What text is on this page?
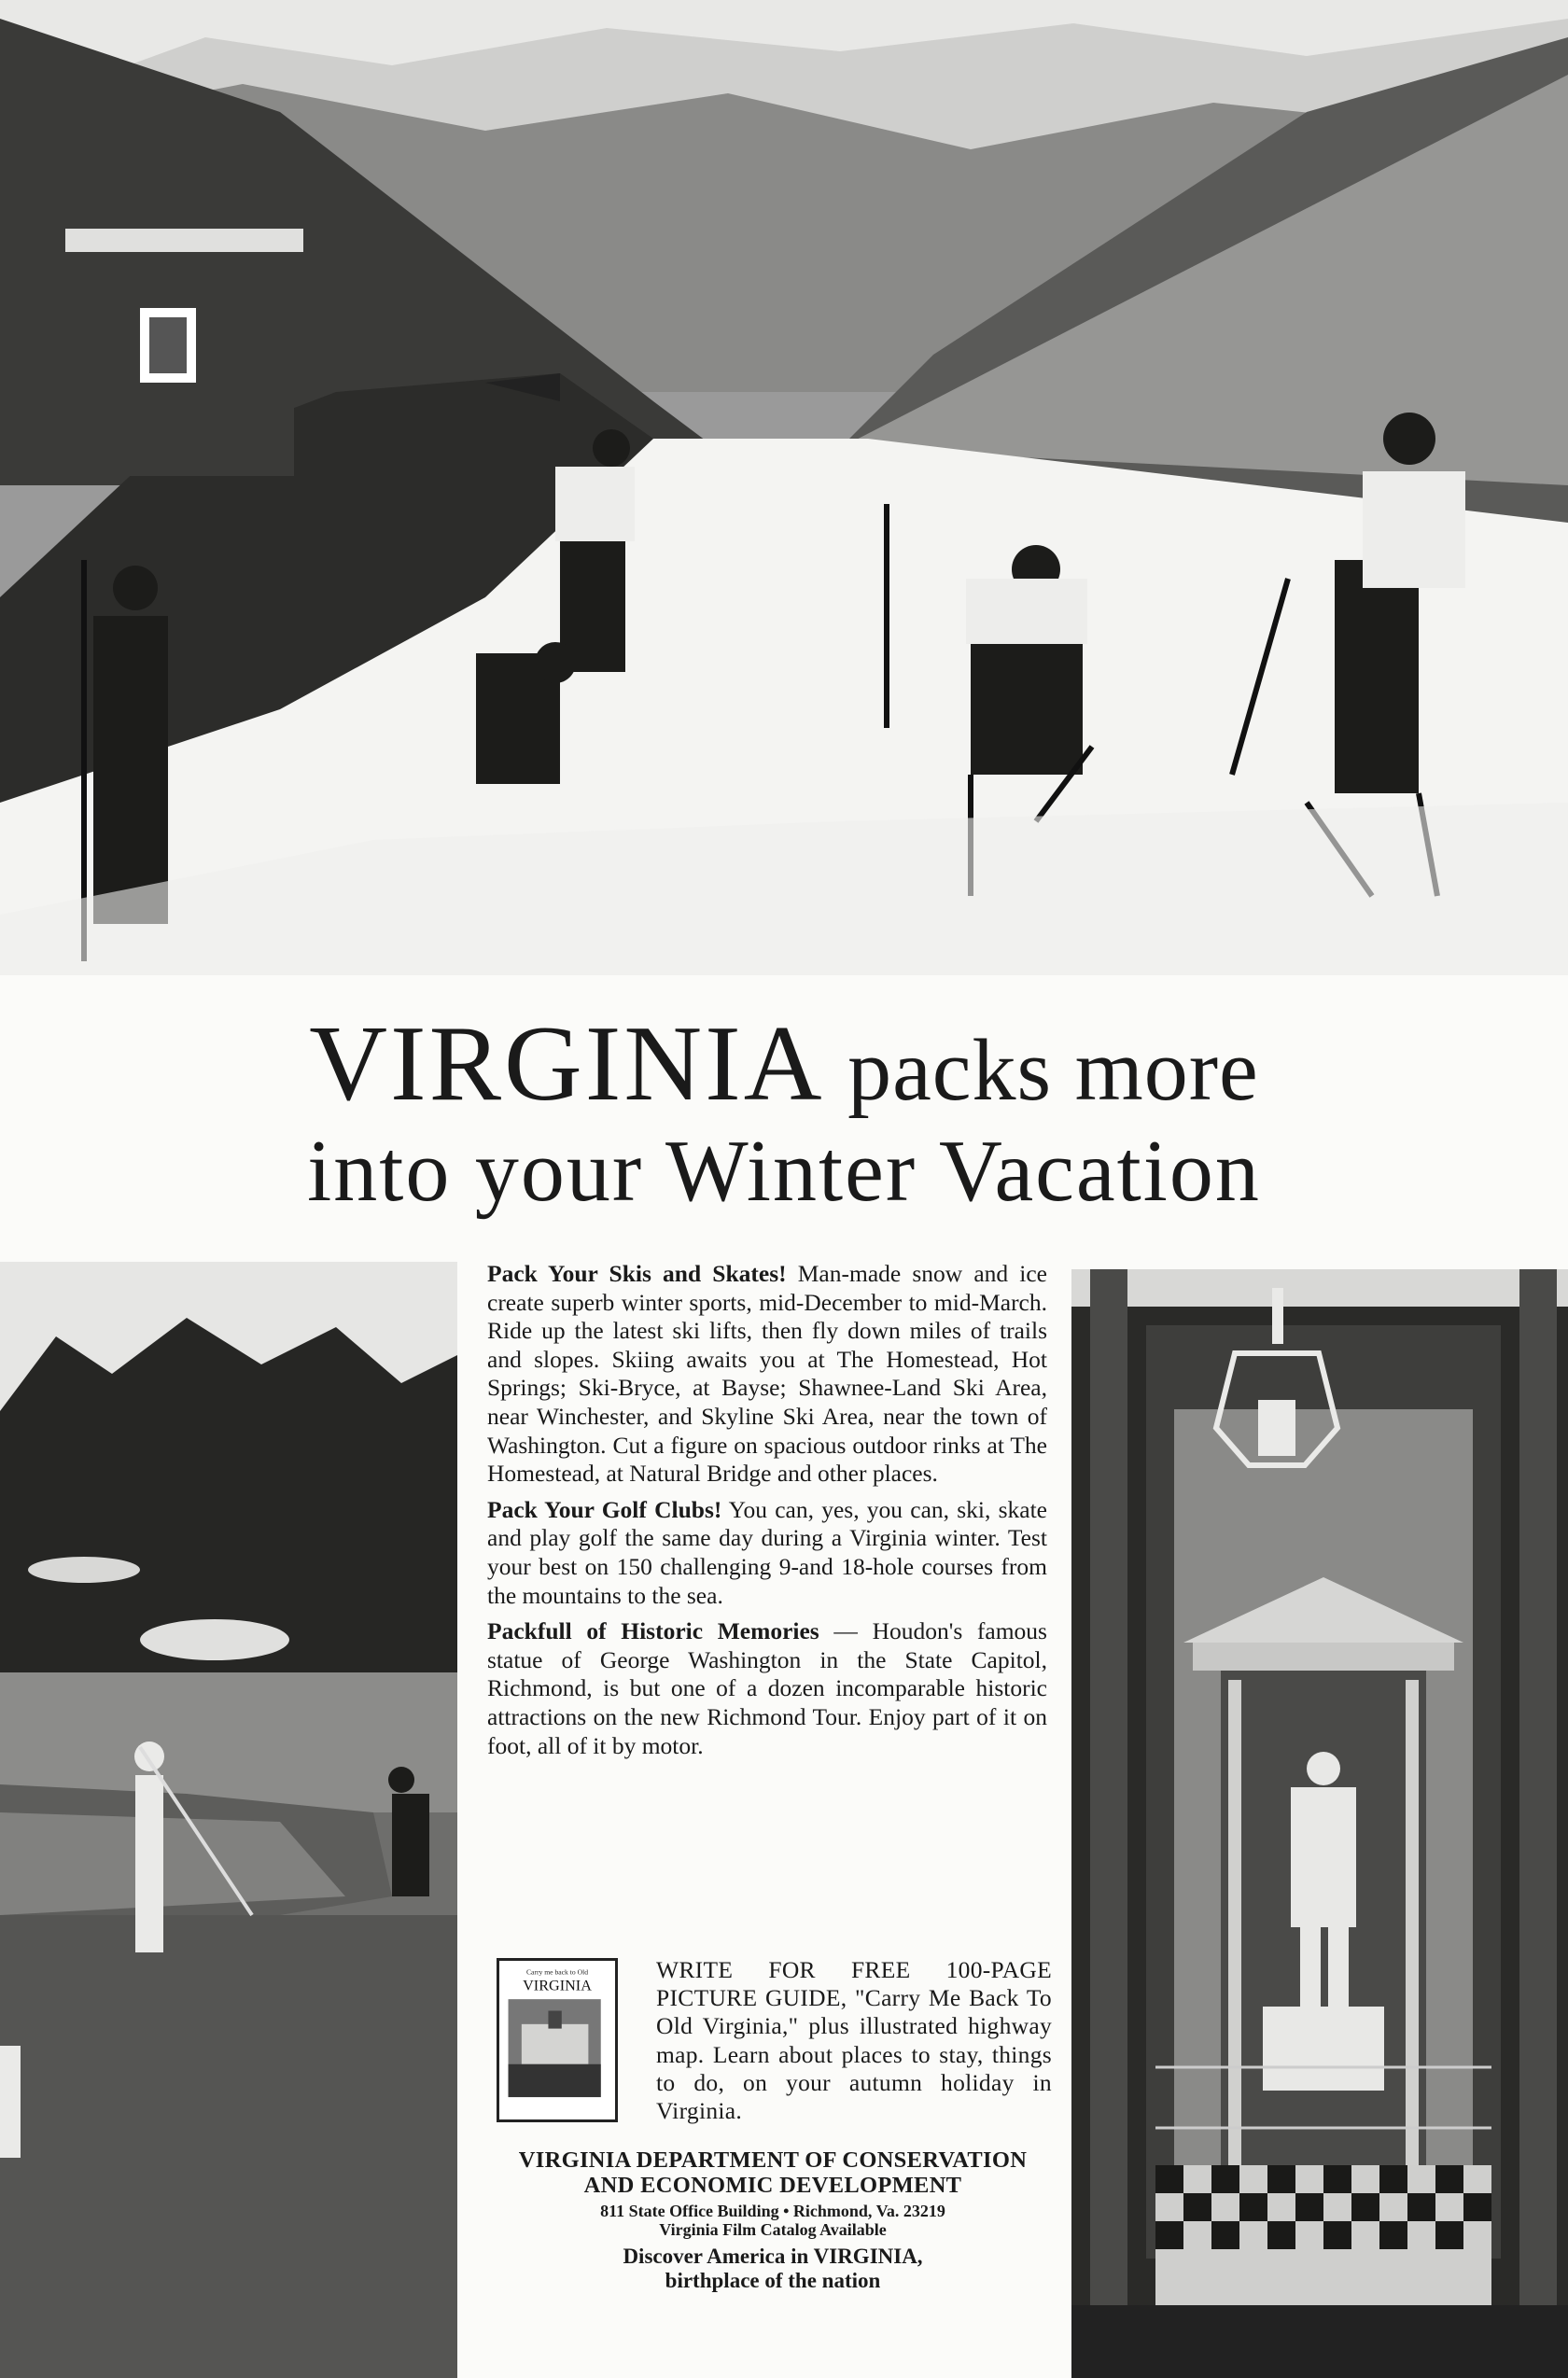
VIRGINIA packs more
into your Winter Vacation

Pack Your Skis and Skates! Man-made snow and ice create superb winter sports, mid-December to mid-March. Ride up the latest ski lifts, then fly down miles of trails and slopes. Skiing awaits you at The Homestead, Hot Springs; Ski-Bryce, at Bayse; Shawnee-Land Ski Area, near Winchester, and Skyline Ski Area, near the town of Washington. Cut a figure on spacious outdoor rinks at The Homestead, at Natural Bridge and other places.

Pack Your Golf Clubs! You can, yes, you can, ski, skate and play golf the same day during a Virginia winter. Test your best on 150 challenging 9-and 18-hole courses from the mountains to the sea.

Packfull of Historic Memories — Houdon's famous statue of George Washington in the State Capitol, Richmond, is but one of a dozen incomparable historic attractions on the new Richmond Tour. Enjoy part of it on foot, all of it by motor.

Carry me back to Old
VIRGINIA
WRITE FOR FREE 100-PAGE PICTURE GUIDE, "Carry Me Back To Old Virginia," plus illustrated highway map. Learn about places to stay, things to do, on your autumn holiday in Virginia.
VIRGINIA DEPARTMENT OF CONSERVATION
AND ECONOMIC DEVELOPMENT
811 State Office Building • Richmond, Va. 23219
Virginia Film Catalog Available
Discover America in VIRGINIA,
birthplace of the nation
